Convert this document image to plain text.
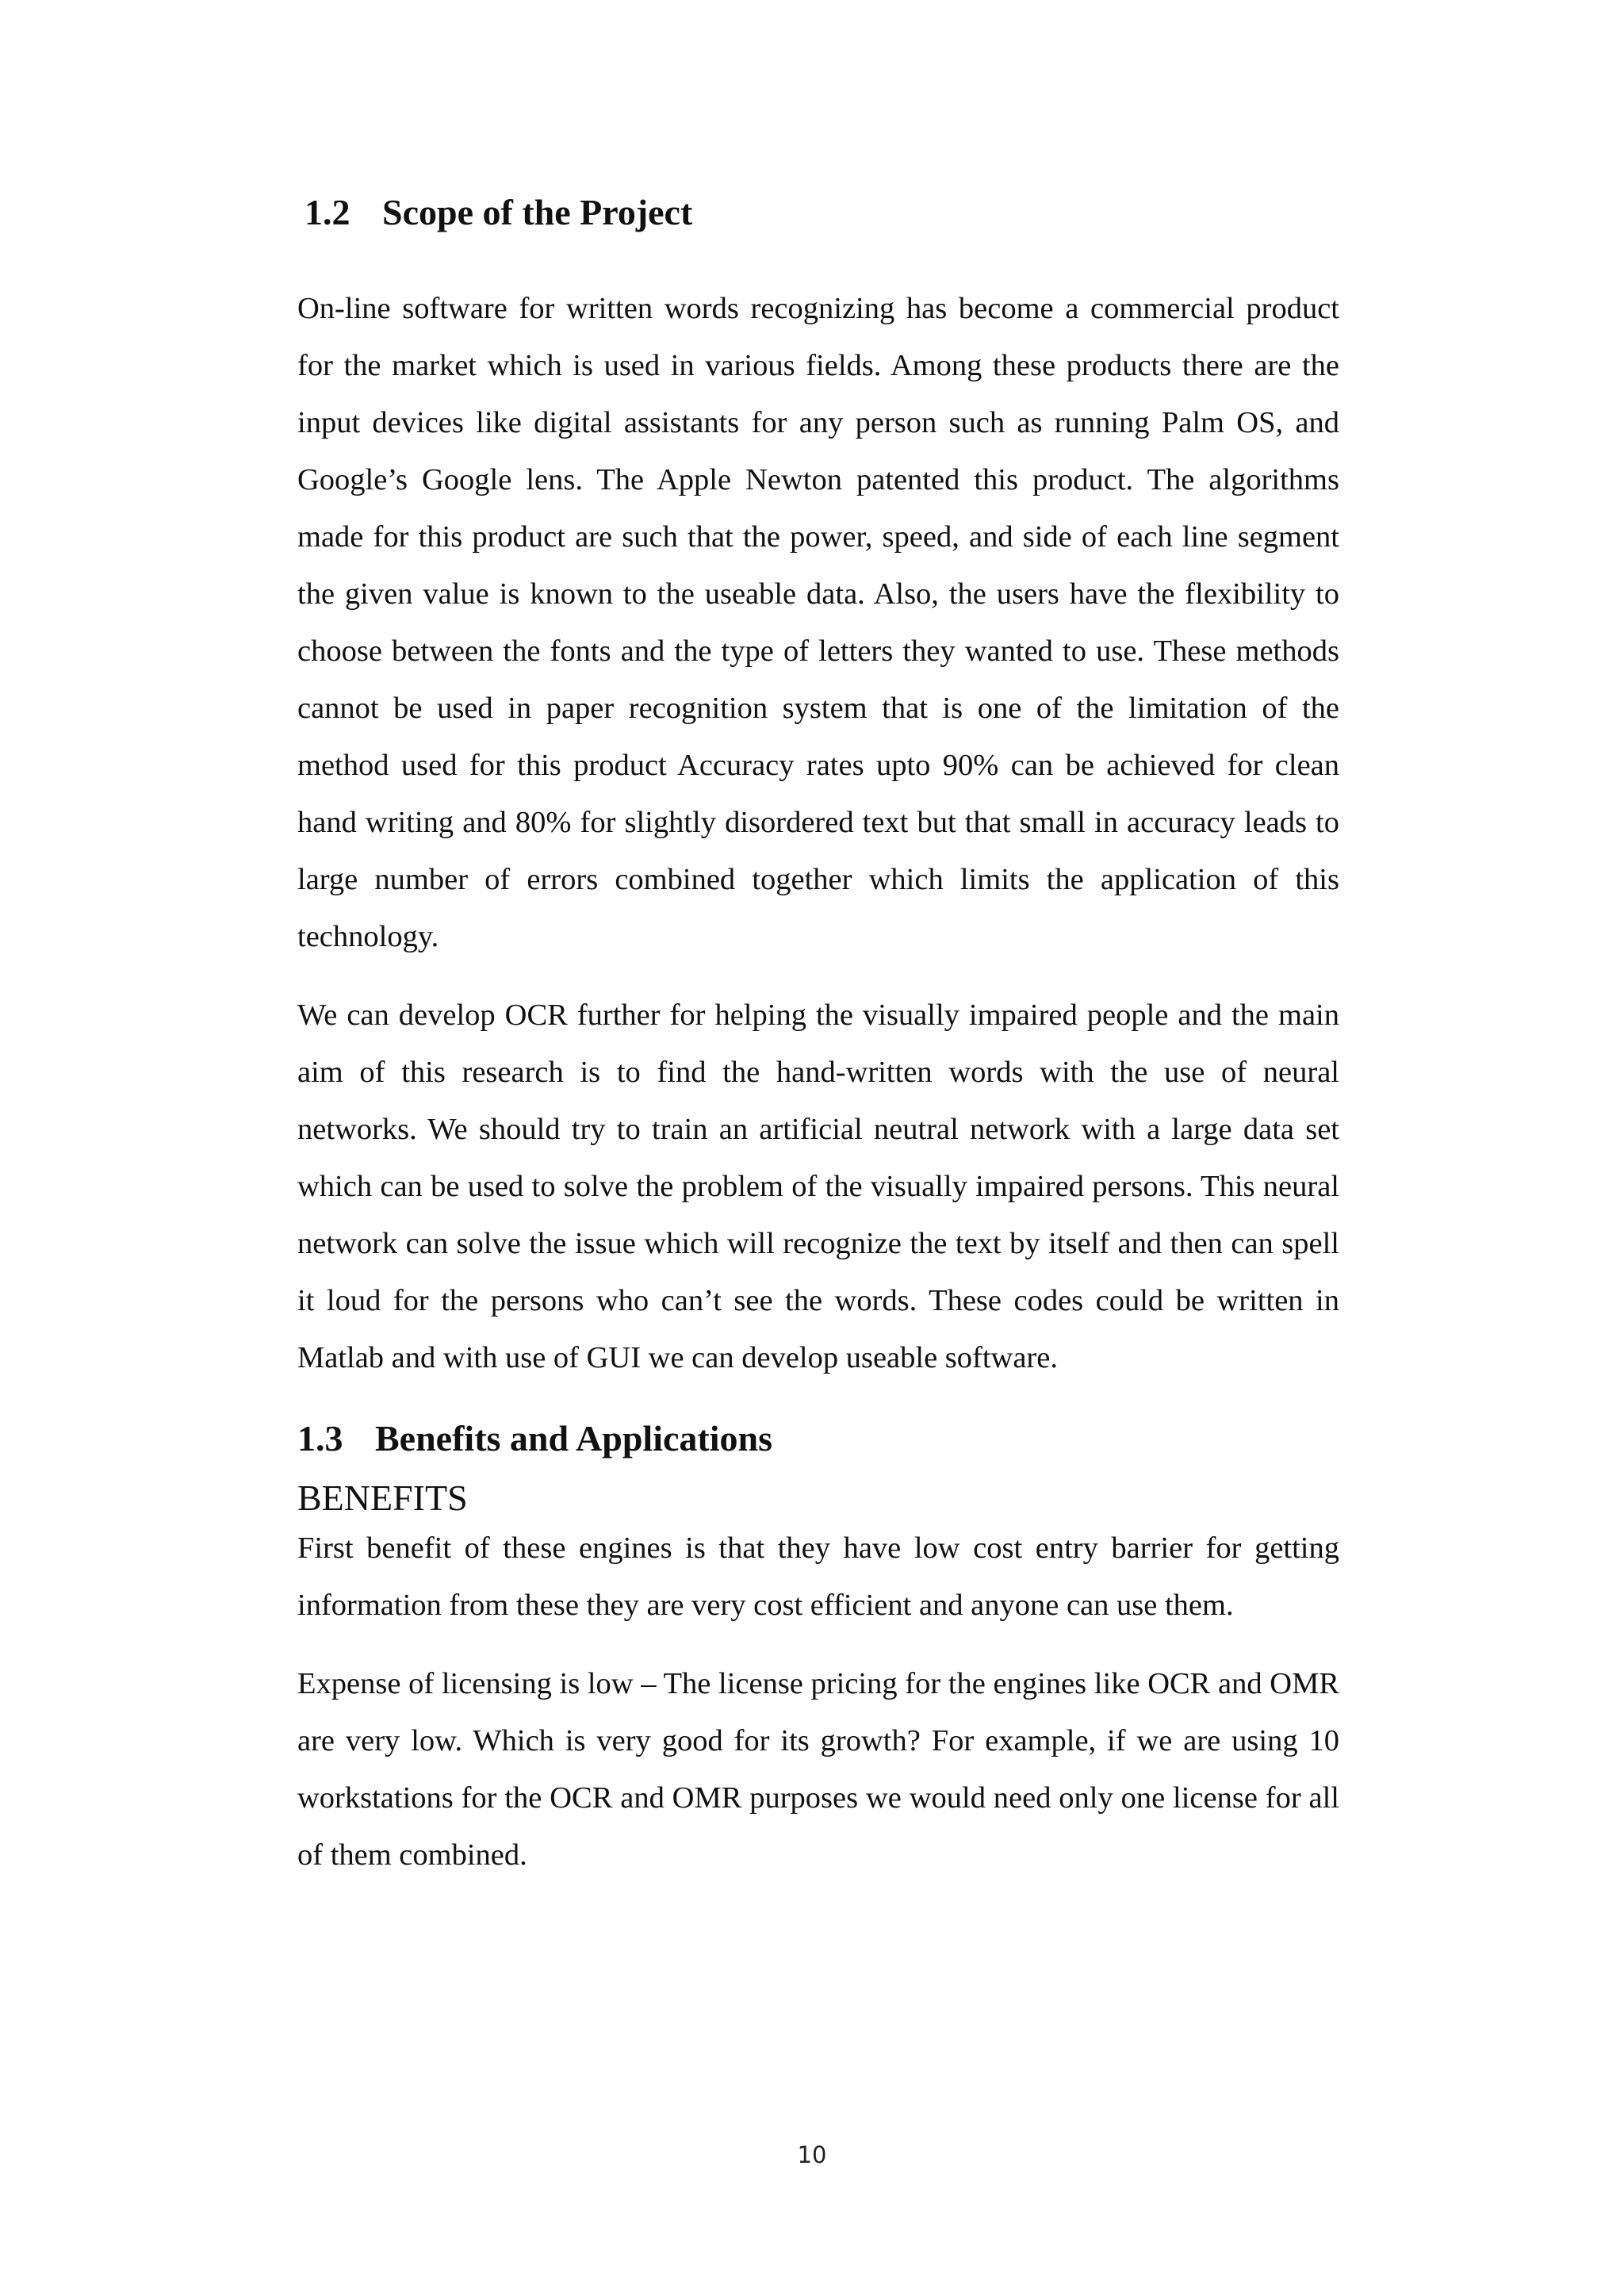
1.2 Scope of the Project

On-line software for written words recognizing has become a commercial product for the market which is used in various fields. Among these products there are the input devices like digital assistants for any person such as running Palm OS, and Google’s Google lens. The Apple Newton patented this product. The algorithms made for this product are such that the power, speed, and side of each line segment the given value is known to the useable data. Also, the users have the flexibility to choose between the fonts and the type of letters they wanted to use. These methods cannot be used in paper recognition system that is one of the limitation of the method used for this product Accuracy rates upto 90% can be achieved for clean hand writing and 80% for slightly disordered text but that small in accuracy leads to large number of errors combined together which limits the application of this technology.

We can develop OCR further for helping the visually impaired people and the main aim of this research is to find the hand-written words with the use of neural networks. We should try to train an artificial neutral network with a large data set which can be used to solve the problem of the visually impaired persons. This neural network can solve the issue which will recognize the text by itself and then can spell it loud for the persons who can’t see the words. These codes could be written in Matlab and with use of GUI we can develop useable software.

1.3 Benefits and Applications
BENEFITS

First benefit of these engines is that they have low cost entry barrier for getting information from these they are very cost efficient and anyone can use them.

Expense of licensing is low – The license pricing for the engines like OCR and OMR are very low. Which is very good for its growth? For example, if we are using 10 workstations for the OCR and OMR purposes we would need only one license for all of them combined.

10
